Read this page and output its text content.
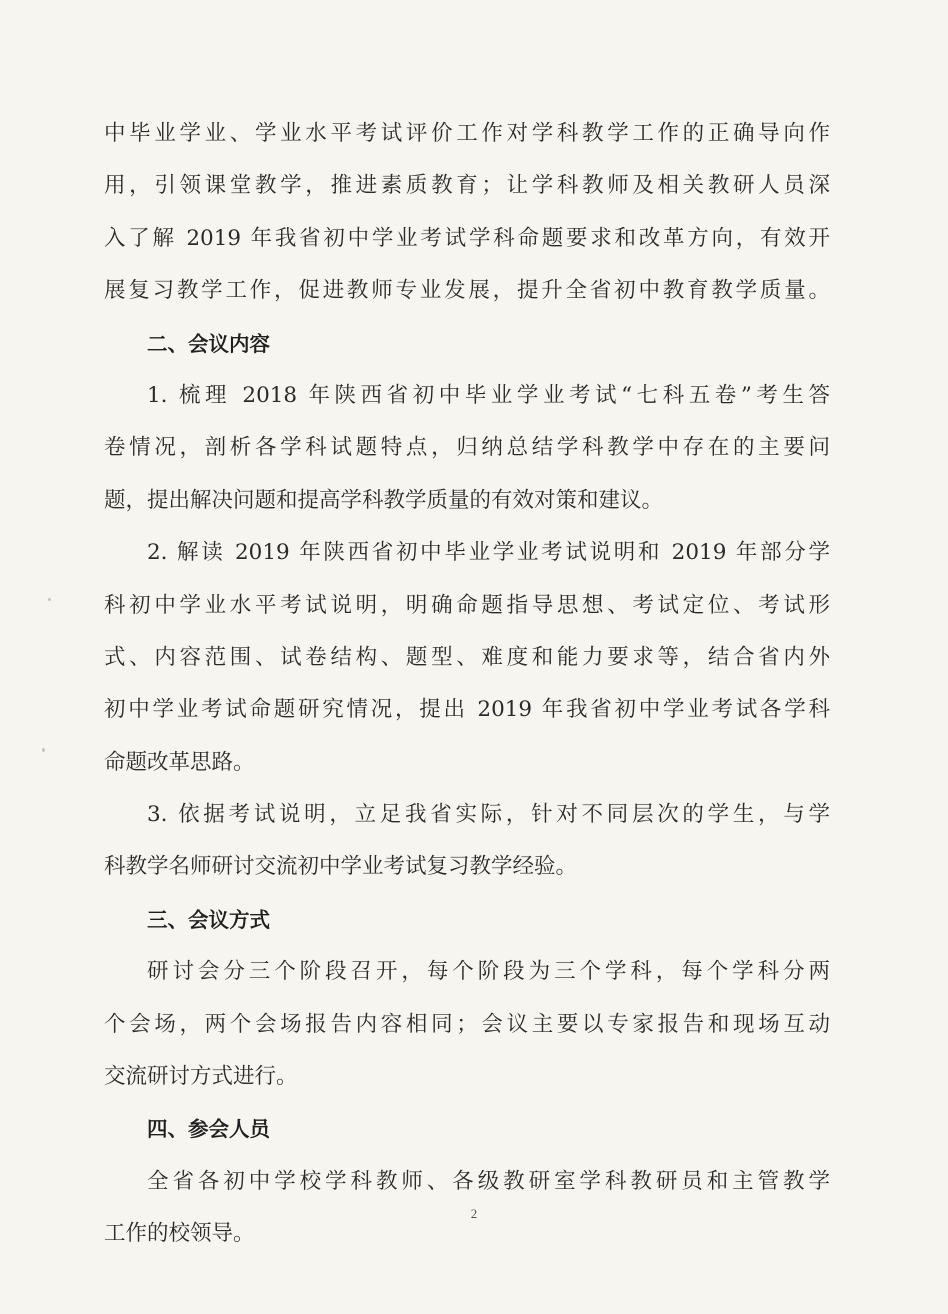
中毕业学业、学业水平考试评价工作对学科教学工作的正确导向作
用，引领课堂教学，推进素质教育；让学科教师及相关教研人员深
入了解 2019 年我省初中学业考试学科命题要求和改革方向，有效开
展复习教学工作，促进教师专业发展，提升全省初中教育教学质量。
二、会议内容
1. 梳理 2018 年陕西省初中毕业学业考试“七科五卷”考生答
卷情况，剖析各学科试题特点，归纳总结学科教学中存在的主要问
题，提出解决问题和提高学科教学质量的有效对策和建议。
2. 解读 2019 年陕西省初中毕业学业考试说明和 2019 年部分学
科初中学业水平考试说明，明确命题指导思想、考试定位、考试形
式、内容范围、试卷结构、题型、难度和能力要求等，结合省内外
初中学业考试命题研究情况，提出 2019 年我省初中学业考试各学科
命题改革思路。
3. 依据考试说明，立足我省实际，针对不同层次的学生，与学
科教学名师研讨交流初中学业考试复习教学经验。
三、会议方式
研讨会分三个阶段召开，每个阶段为三个学科，每个学科分两
个会场，两个会场报告内容相同；会议主要以专家报告和现场互动
交流研讨方式进行。
四、参会人员
全省各初中学校学科教师、各级教研室学科教研员和主管教学
工作的校领导。
2
